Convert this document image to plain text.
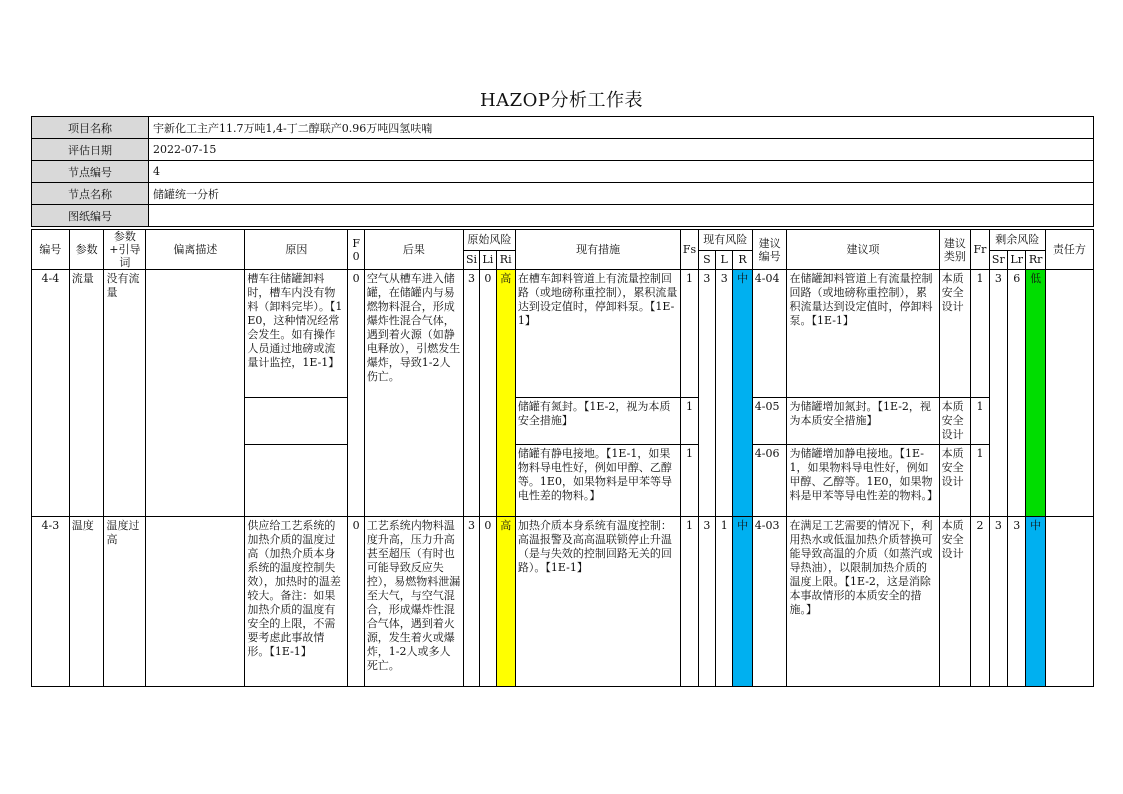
HAZOP分析工作表
项目名称	宇新化工主产11.7万吨1,4-丁二醇联产0.96万吨四氢呋喃
评估日期	2022-07-15
节点编号	4
节点名称	储罐统一分析
图纸编号	
编号	参数	参数+引导词	偏离描述	原因	F0	后果	原始风险			现有措施	Fs	现有风险			建议编号	建议项	建议类别	Fr	剩余风险			责任方
							Si	Li	Ri			S	L	R					Sr	Lr	Rr	
4-4	流量	没有流量		槽车往储罐卸料时，槽车内没有物料（卸料完毕）。【1E0，这种情况经常会发生。如有操作人员通过地磅或流量计监控，1E-1】	0	空气从槽车进入储罐，在储罐内与易燃物料混合，形成爆炸性混合气体，遇到着火源（如静电释放），引燃发生爆炸，导致1-2人伤亡。	3	0	高	在槽车卸料管道上有流量控制回路（或地磅称重控制），累积流量达到设定值时，停卸料泵。【1E-1】	1	3	3	中	4-04	在储罐卸料管道上有流量控制回路（或地磅称重控制），累积流量达到设定值时，停卸料泵。【1E-1】	本质安全设计	1	3	6	低	
										储罐有氮封。【1E-2，视为本质安全措施】	1				4-05	为储罐增加氮封。【1E-2，视为本质安全措施】	本质安全设计	1				
										储罐有静电接地。【1E-1，如果物料导电性好，例如甲醇、乙醇等。1E0，如果物料是甲苯等导电性差的物料。】	1				4-06	为储罐增加静电接地。【1E-1，如果物料导电性好，例如甲醇、乙醇等。1E0，如果物料是甲苯等导电性差的物料。】	本质安全设计	1				
4-3	温度	温度过高		供应给工艺系统的加热介质的温度过高（加热介质本身系统的温度控制失效），加热时的温差较大。备注：如果加热介质的温度有安全的上限，不需要考虑此事故情形。【1E-1】	0	工艺系统内物料温度升高，压力升高甚至超压（有时也可能导致反应失控），易燃物料泄漏至大气，与空气混合，形成爆炸性混合气体，遇到着火源，发生着火或爆炸，1-2人或多人死亡。	3	0	高	加热介质本身系统有温度控制：高温报警及高高温联锁停止升温（是与失效的控制回路无关的回路）。【1E-1】	1	3	1	中	4-03	在满足工艺需要的情况下，利用热水或低温加热介质替换可能导致高温的介质（如蒸汽或导热油），以限制加热介质的温度上限。【1E-2，这是消除本事故情形的本质安全的措施。】	本质安全设计	2	3	3	中	
